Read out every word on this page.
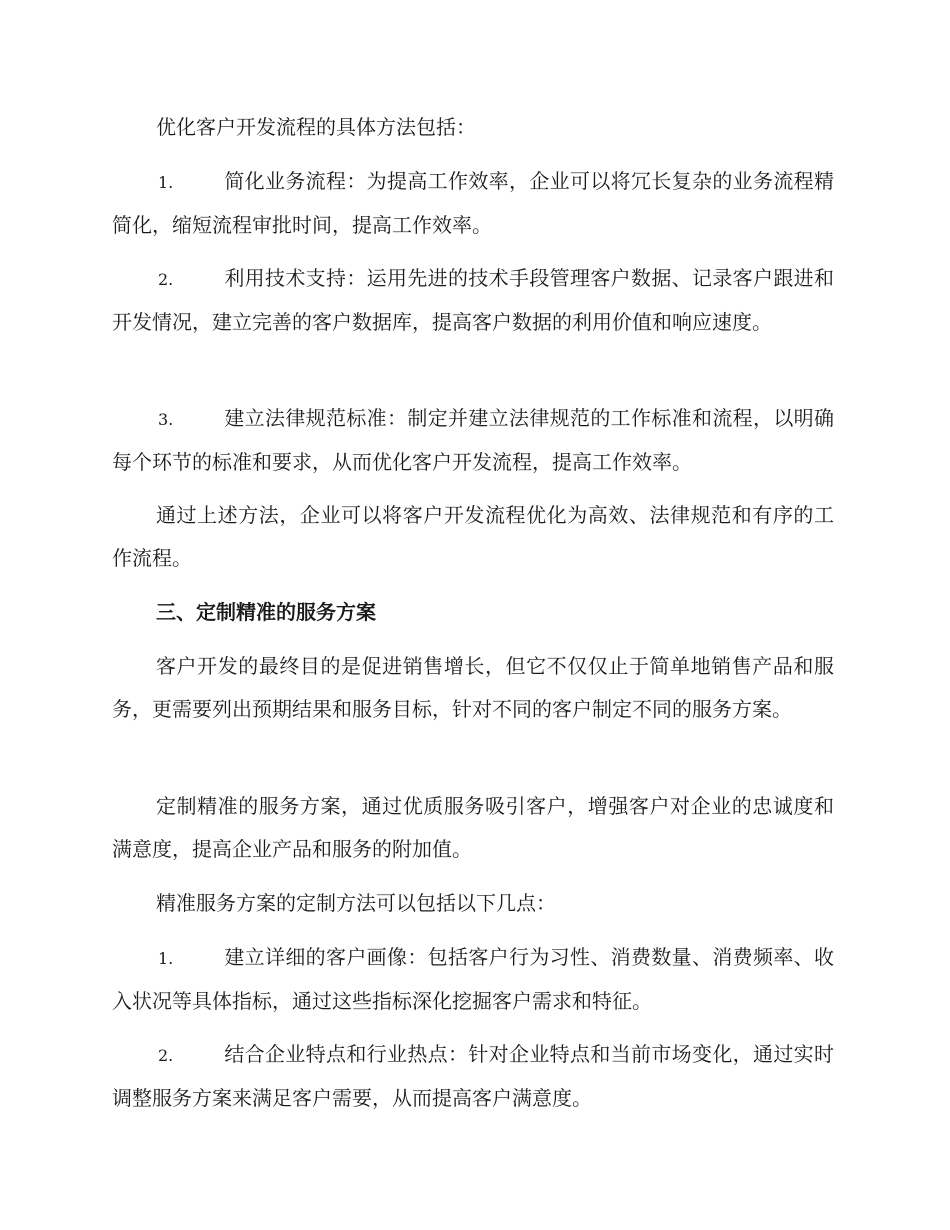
优化客户开发流程的具体方法包括：

1.	简化业务流程：为提高工作效率，企业可以将冗长复杂的业务流程精简化，缩短流程审批时间，提高工作效率。

2.	利用技术支持：运用先进的技术手段管理客户数据、记录客户跟进和开发情况，建立完善的客户数据库，提高客户数据的利用价值和响应速度。

3.	建立法律规范标准：制定并建立法律规范的工作标准和流程，以明确每个环节的标准和要求，从而优化客户开发流程，提高工作效率。

通过上述方法，企业可以将客户开发流程优化为高效、法律规范和有序的工作流程。

三、定制精准的服务方案

客户开发的最终目的是促进销售增长，但它不仅仅止于简单地销售产品和服务，更需要列出预期结果和服务目标，针对不同的客户制定不同的服务方案。

定制精准的服务方案，通过优质服务吸引客户，增强客户对企业的忠诚度和满意度，提高企业产品和服务的附加值。

精准服务方案的定制方法可以包括以下几点：

1.	建立详细的客户画像：包括客户行为习性、消费数量、消费频率、收入状况等具体指标，通过这些指标深化挖掘客户需求和特征。

2.	结合企业特点和行业热点：针对企业特点和当前市场变化，通过实时调整服务方案来满足客户需要，从而提高客户满意度。
